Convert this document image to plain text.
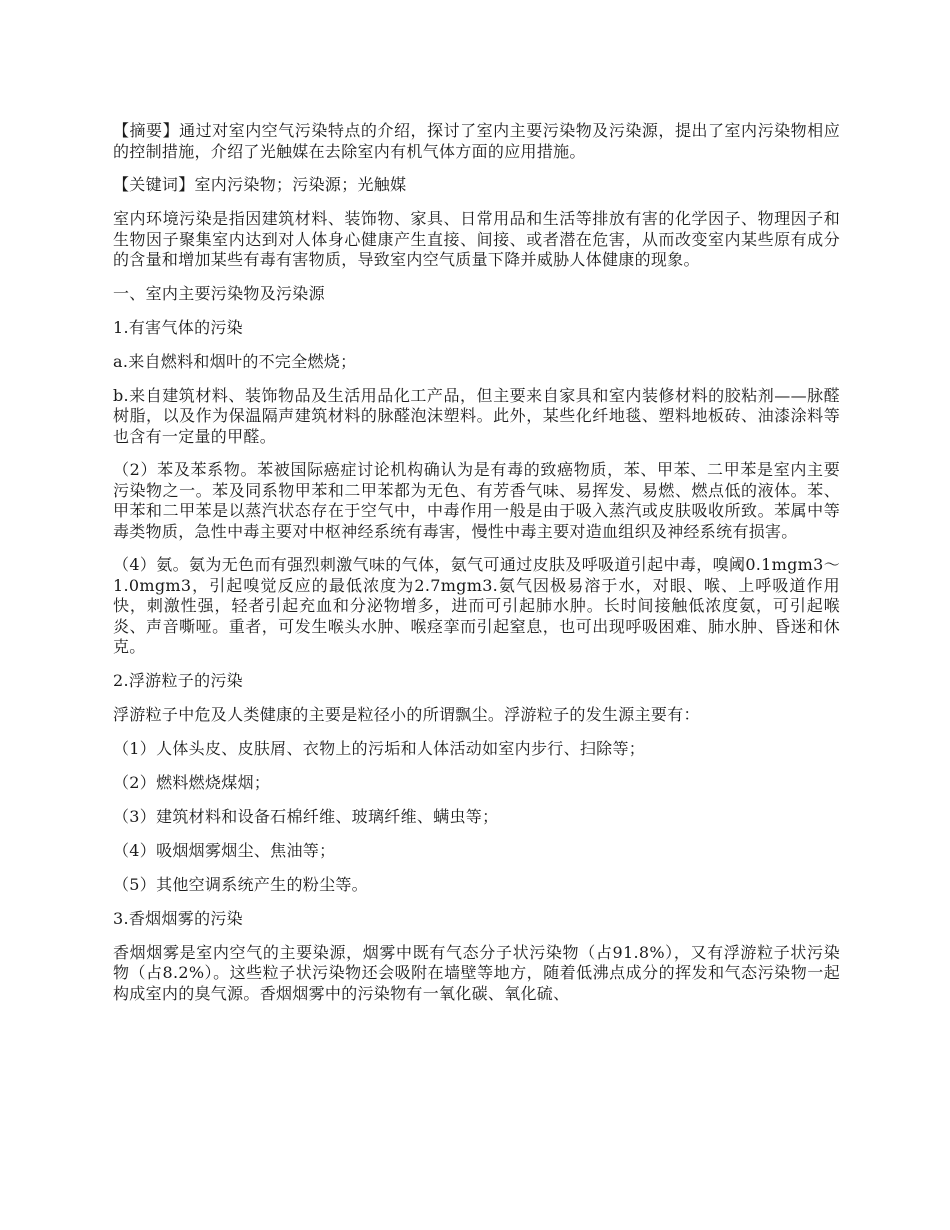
【摘要】通过对室内空气污染特点的介绍，探讨了室内主要污染物及污染源，提出了室内污染物相应的控制措施，介绍了光触媒在去除室内有机气体方面的应用措施。

【关键词】室内污染物；污染源；光触媒

室内环境污染是指因建筑材料、装饰物、家具、日常用品和生活等排放有害的化学因子、物理因子和生物因子聚集室内达到对人体身心健康产生直接、间接、或者潜在危害，从而改变室内某些原有成分的含量和增加某些有毒有害物质，导致室内空气质量下降并威胁人体健康的现象。

一、室内主要污染物及污染源

1.有害气体的污染

a.来自燃料和烟叶的不完全燃烧；

b.来自建筑材料、装饰物品及生活用品化工产品，但主要来自家具和室内装修材料的胶粘剂——脉醛树脂，以及作为保温隔声建筑材料的脉醛泡沫塑料。此外，某些化纤地毯、塑料地板砖、油漆涂料等也含有一定量的甲醛。

（2）苯及苯系物。苯被国际癌症讨论机构确认为是有毒的致癌物质，苯、甲苯、二甲苯是室内主要污染物之一。苯及同系物甲苯和二甲苯都为无色、有芳香气味、易挥发、易燃、燃点低的液体。苯、甲苯和二甲苯是以蒸汽状态存在于空气中，中毒作用一般是由于吸入蒸汽或皮肤吸收所致。苯属中等毒类物质，急性中毒主要对中枢神经系统有毒害，慢性中毒主要对造血组织及神经系统有损害。

（4）氨。氨为无色而有强烈刺激气味的气体，氨气可通过皮肤及呼吸道引起中毒，嗅阈0.1mgm3～1.0mgm3，引起嗅觉反应的最低浓度为2.7mgm3.氨气因极易溶于水，对眼、喉、上呼吸道作用快，刺激性强，轻者引起充血和分泌物增多，进而可引起肺水肿。长时间接触低浓度氨，可引起喉炎、声音嘶哑。重者，可发生喉头水肿、喉痉挛而引起窒息，也可出现呼吸困难、肺水肿、昏迷和休克。

2.浮游粒子的污染

浮游粒子中危及人类健康的主要是粒径小的所谓飘尘。浮游粒子的发生源主要有：

（1）人体头皮、皮肤屑、衣物上的污垢和人体活动如室内步行、扫除等；

（2）燃料燃烧煤烟；

（3）建筑材料和设备石棉纤维、玻璃纤维、螨虫等；

（4）吸烟烟雾烟尘、焦油等；

（5）其他空调系统产生的粉尘等。

3.香烟烟雾的污染

香烟烟雾是室内空气的主要染源，烟雾中既有气态分子状污染物（占91.8%），又有浮游粒子状污染物（占8.2%）。这些粒子状污染物还会吸附在墙壁等地方，随着低沸点成分的挥发和气态污染物一起构成室内的臭气源。香烟烟雾中的污染物有一氧化碳、氧化硫、
